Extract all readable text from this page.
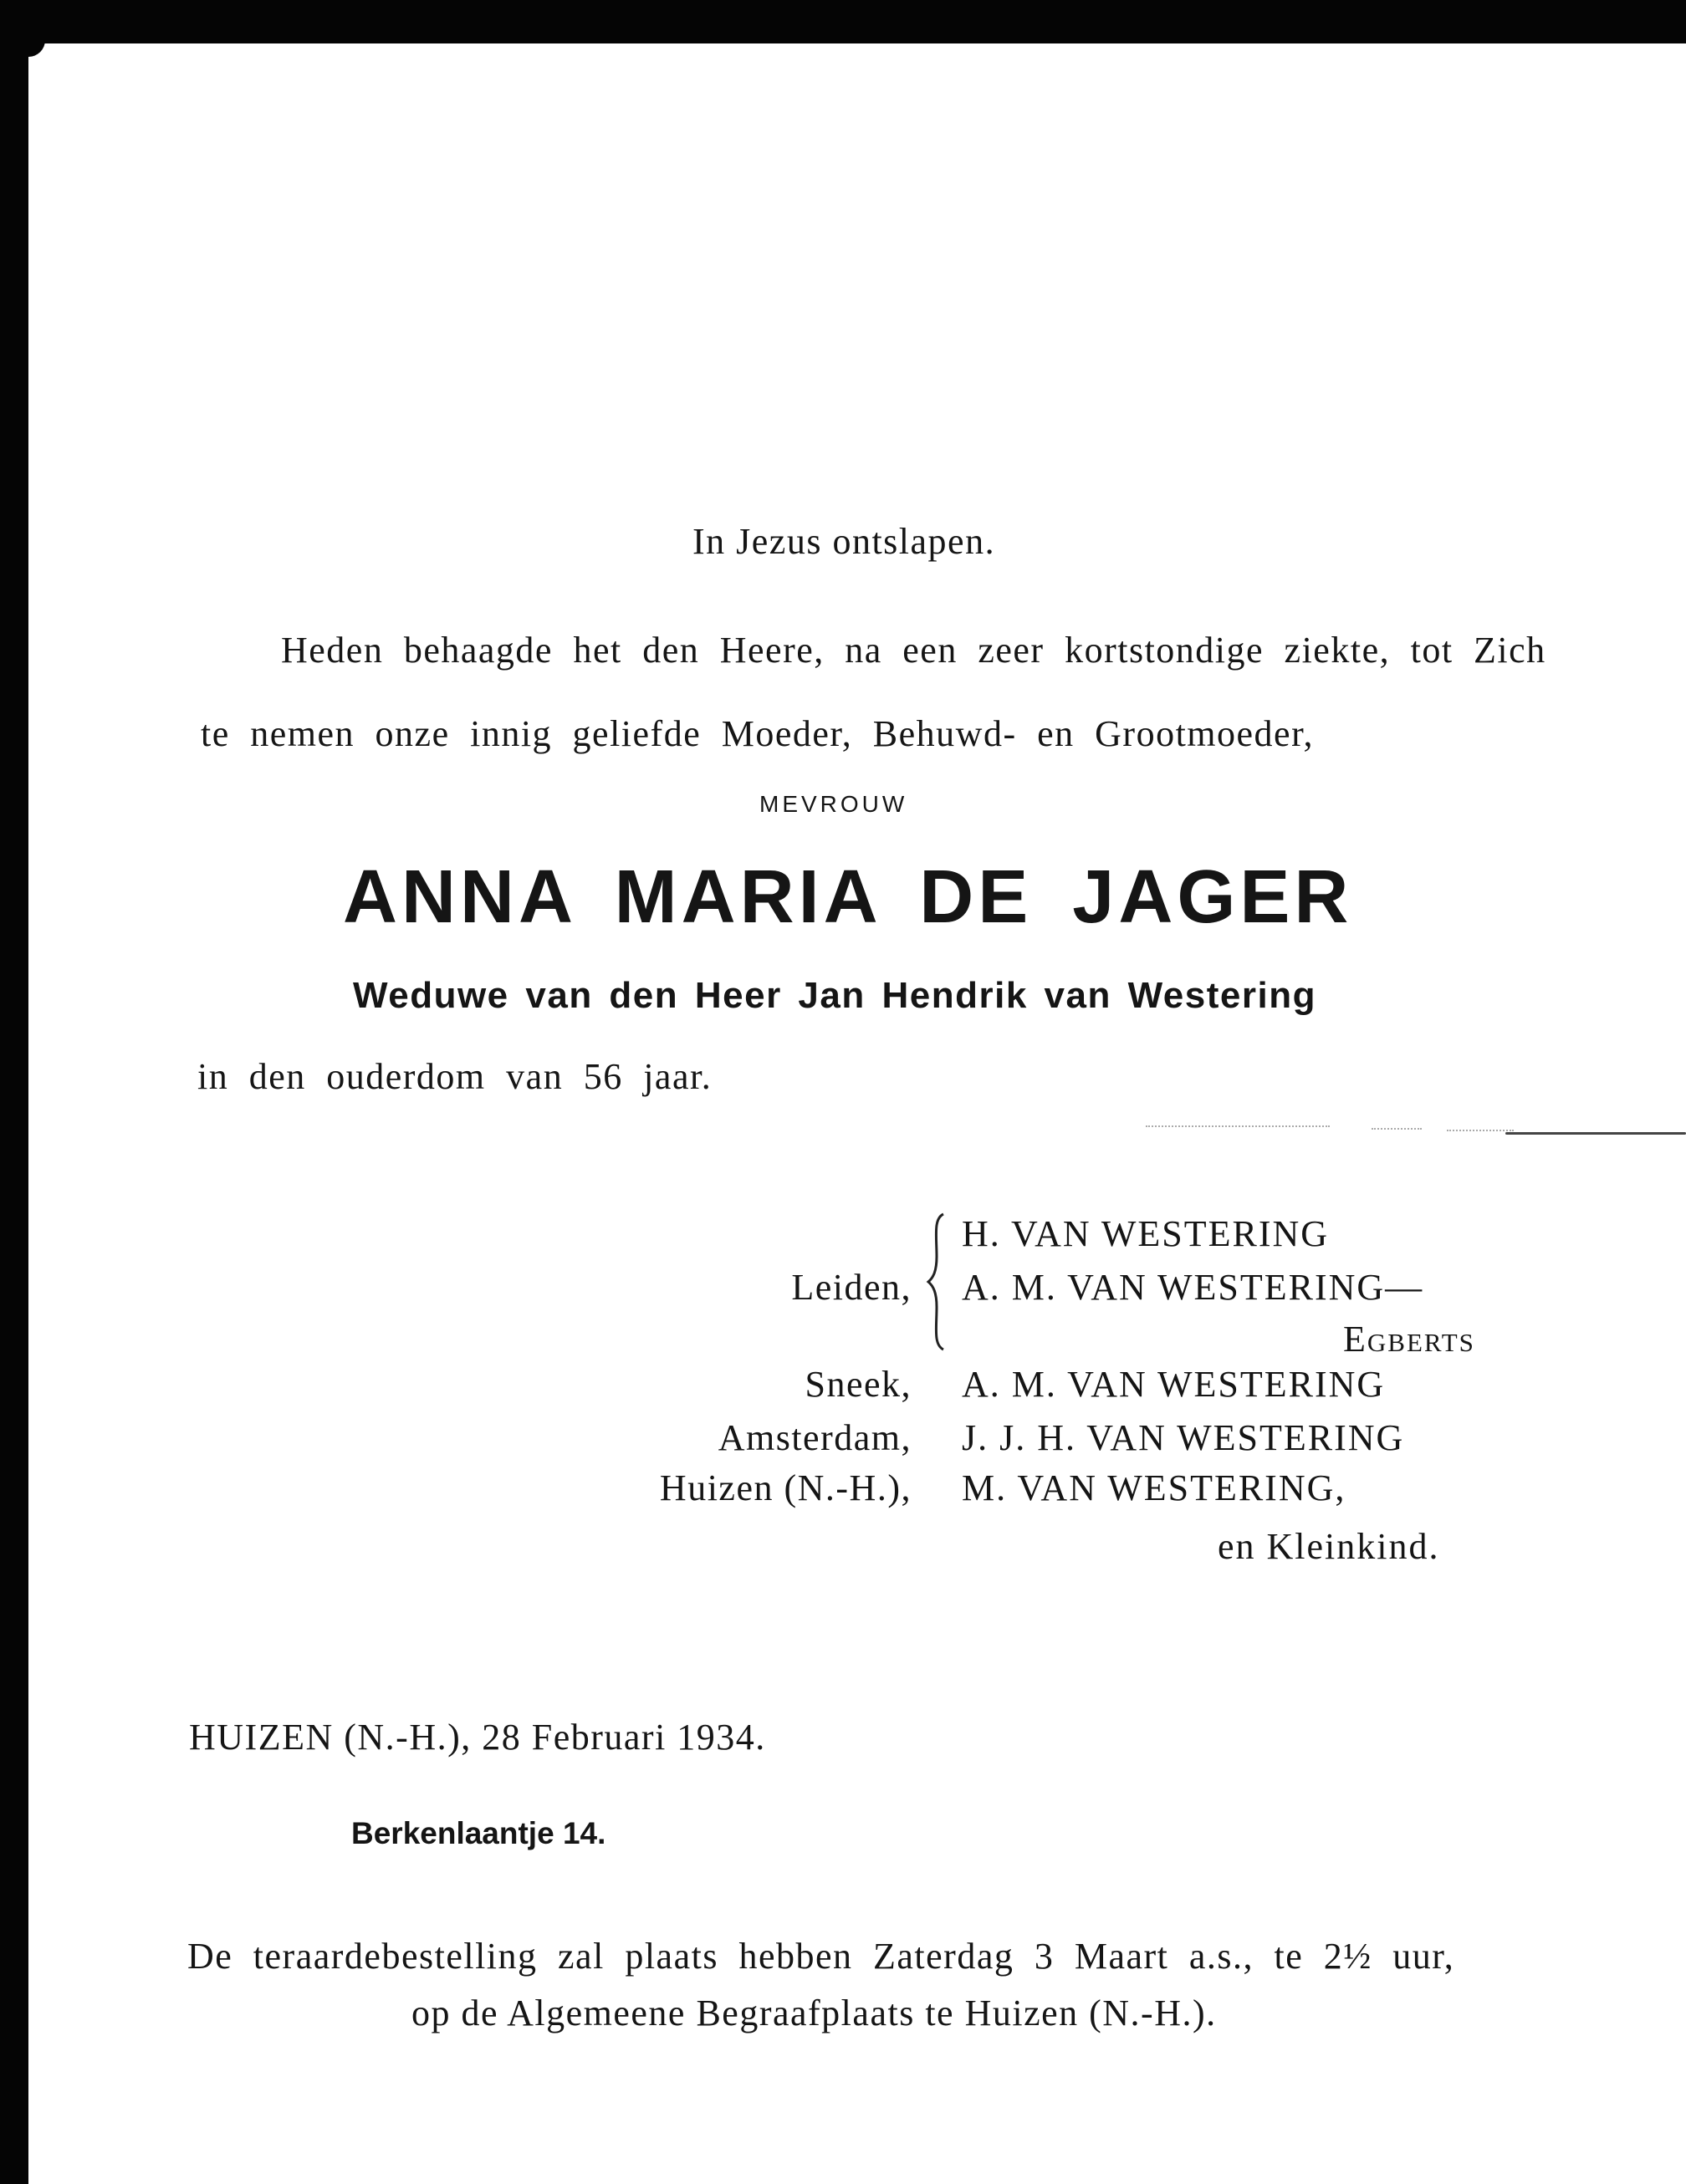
In Jezus ontslapen.
Heden behaagde het den Heere, na een zeer kortstondige ziekte, tot Zich
te nemen onze innig geliefde Moeder, Behuwd- en Grootmoeder,
MEVROUW
ANNA MARIA DE JAGER
Weduwe van den Heer Jan Hendrik van Westering
in den ouderdom van 56 jaar.
H. VAN WESTERING
Leiden, A. M. VAN WESTERING—
Egberts
Sneek, A. M. VAN WESTERING
Amsterdam, J. J. H. VAN WESTERING
Huizen (N.-H.), M. VAN WESTERING,
en Kleinkind.
HUIZEN (N.-H.), 28 Februari 1934.
Berkenlaantje 14.
De teraardebestelling zal plaats hebben Zaterdag 3 Maart a.s., te 2½ uur,
op de Algemeene Begraafplaats te Huizen (N.-H.).
